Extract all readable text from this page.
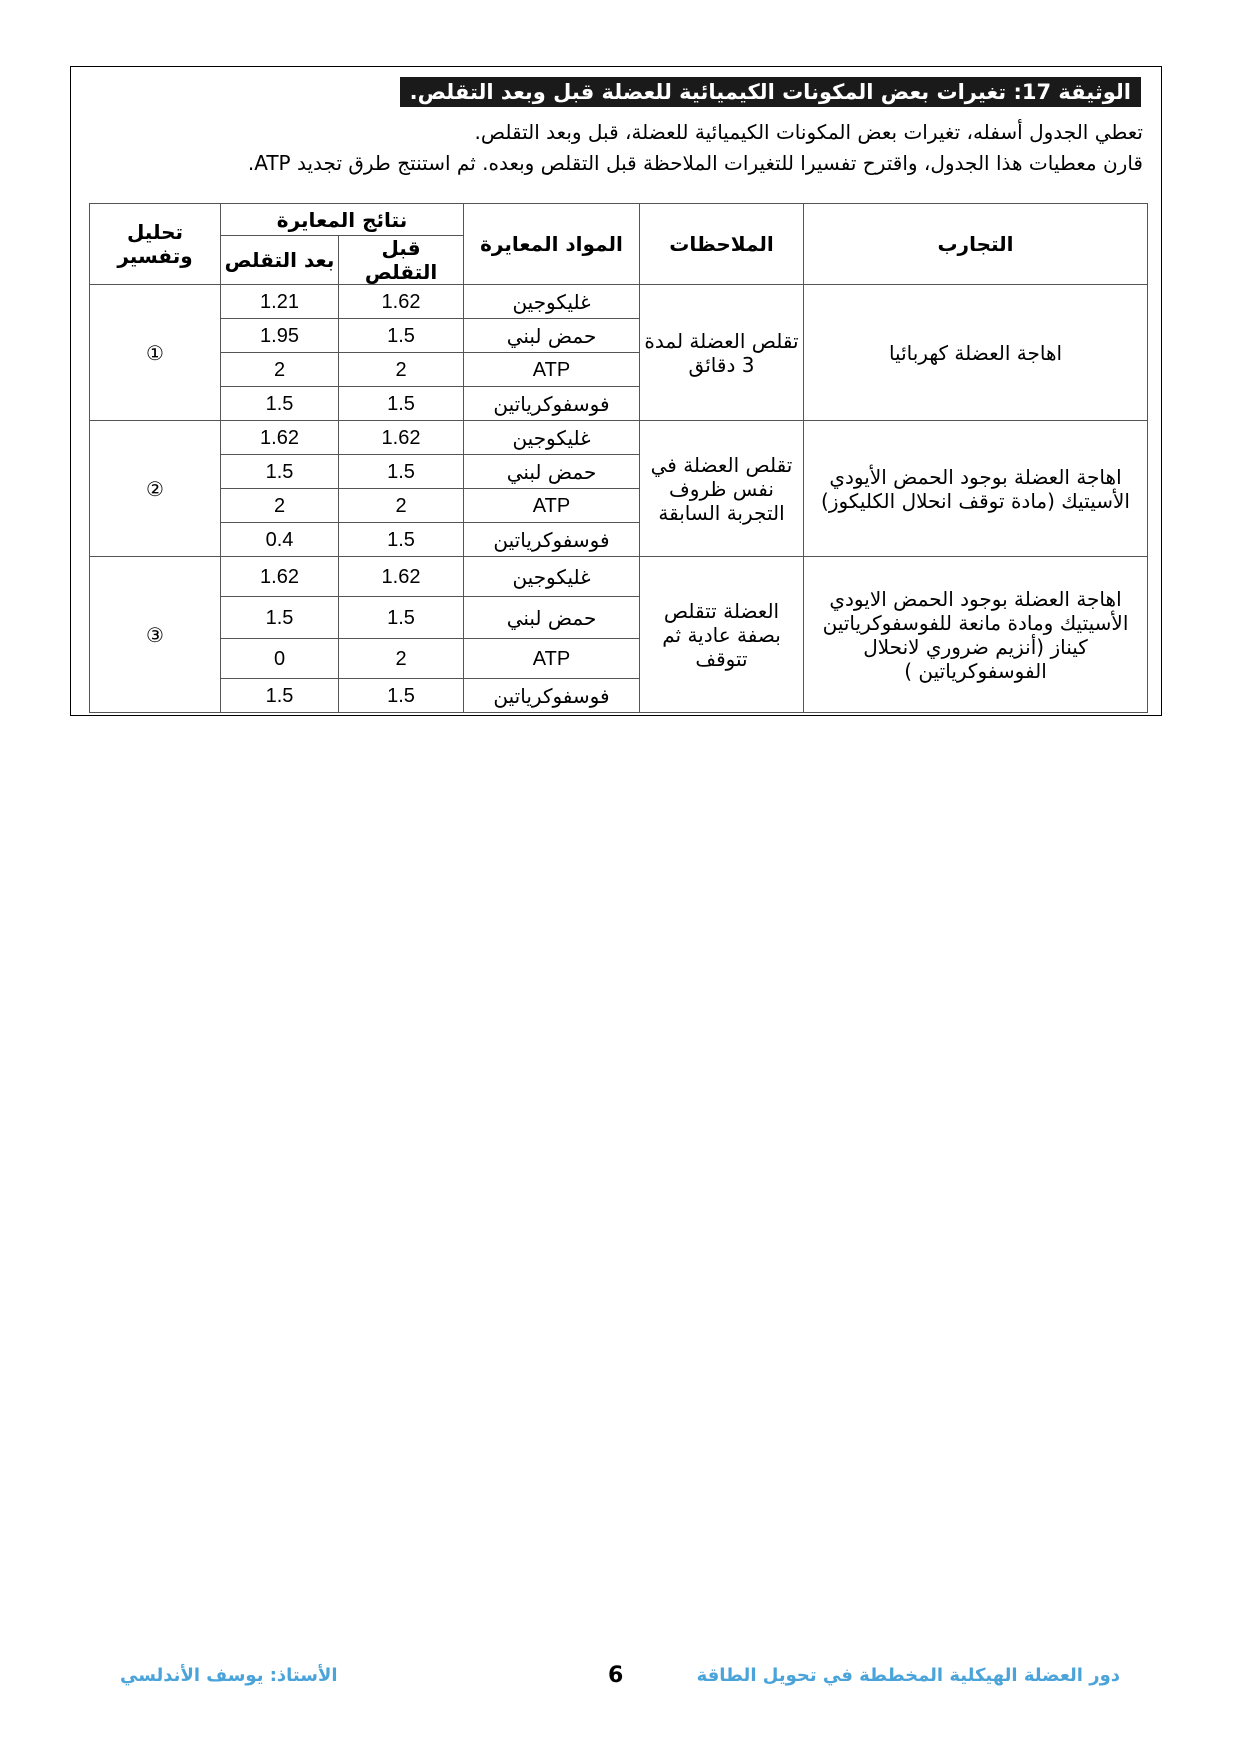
الوثيقة 17: تغيرات بعض المكونات الكيميائية للعضلة قبل وبعد التقلص.

تعطي الجدول أسفله، تغيرات بعض المكونات الكيميائية للعضلة، قبل وبعد التقلص.

قارن معطيات هذا الجدول، واقترح تفسيرا للتغيرات الملاحظة قبل التقلص وبعده. ثم استنتج طرق تجديد ATP.

التجارب	الملاحظات	المواد المعايرة	نتائج المعايرة		تحليل وتفسير
			قبل التقلص	بعد التقلص	
اهاجة العضلة كهربائيا	تقلص العضلة لمدة 3 دقائق	غليكوجين	1.62	1.21	①
		حمض لبني	1.5	1.95	
		ATP	2	2	
		فوسفوكرياتين	1.5	1.5	
اهاجة العضلة بوجود الحمض الأيودي الأسيتيك (مادة توقف انحلال الكليكوز)	تقلص العضلة في نفس ظروف التجربة السابقة	غليكوجين	1.62	1.62	②
		حمض لبني	1.5	1.5	
		ATP	2	2	
		فوسفوكرياتين	1.5	0.4	
اهاجة العضلة بوجود الحمض الايودي الأسيتيك ومادة مانعة للفوسفوكرياتين كيناز (أنزيم ضروري لانحلال الفوسفوكرياتين )	العضلة تتقلص بصفة عادية ثم تتوقف	غليكوجين	1.62	1.62	③
		حمض لبني	1.5	1.5	
		ATP	2	0	
		فوسفوكرياتين	1.5	1.5	
الأستاذ: يوسف الأندلسي	6	دور العضلة الهيكلية المخططة في تحويل الطاقة
